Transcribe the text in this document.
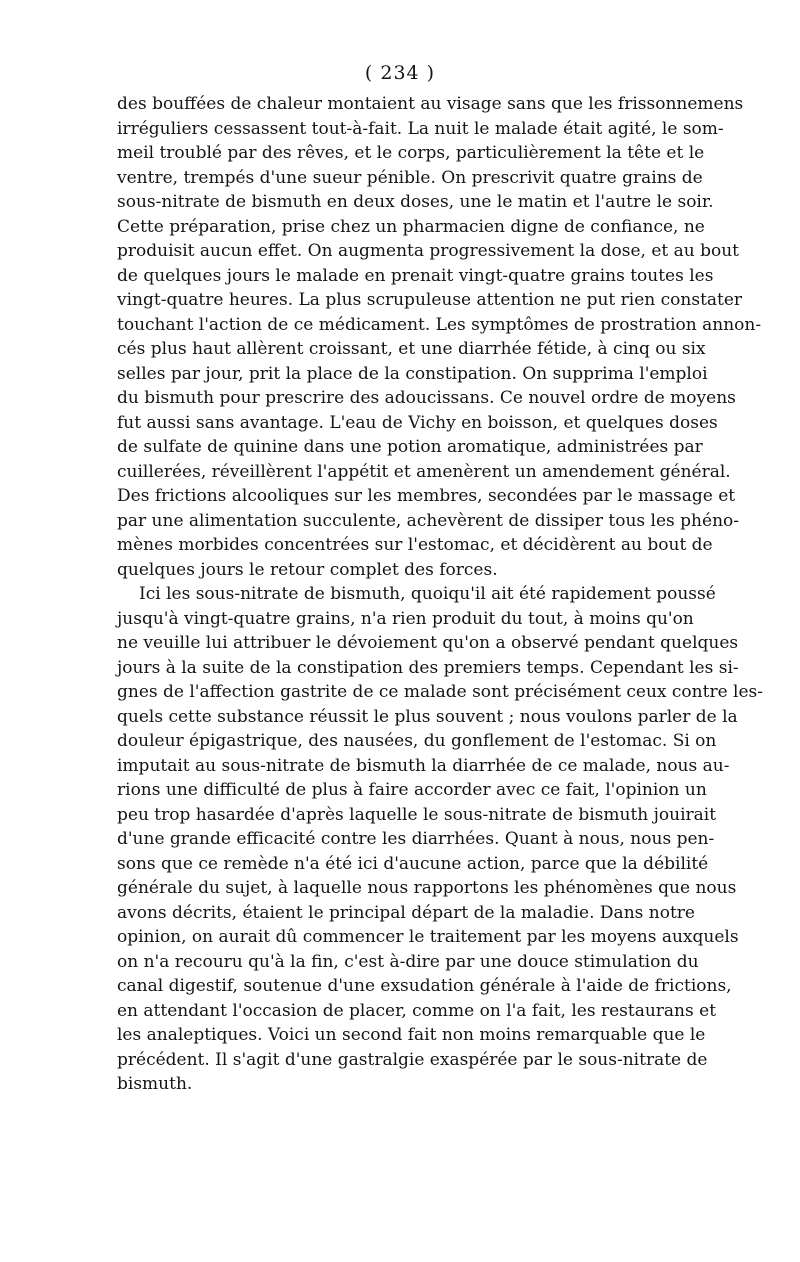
( 234 )
des bouffées de chaleur montaient au visage sans que les frissonnemens
irréguliers cessassent tout-à-fait. La nuit le malade était agité, le som-
meil troublé par des rêves, et le corps, particulièrement la tête et le
ventre, trempés d'une sueur pénible. On prescrivit quatre grains de
sous-nitrate de bismuth en deux doses, une le matin et l'autre le soir.
Cette préparation, prise chez un pharmacien digne de confiance, ne
produisit aucun effet. On augmenta progressivement la dose, et au bout
de quelques jours le malade en prenait vingt-quatre grains toutes les
vingt-quatre heures. La plus scrupuleuse attention ne put rien constater
touchant l'action de ce médicament. Les symptômes de prostration annon-
cés plus haut allèrent croissant, et une diarrhée fétide, à cinq ou six
selles par jour, prit la place de la constipation. On supprima l'emploi
du bismuth pour prescrire des adoucissans. Ce nouvel ordre de moyens
fut aussi sans avantage. L'eau de Vichy en boisson, et quelques doses
de sulfate de quinine dans une potion aromatique, administrées par
cuillerées, réveillèrent l'appétit et amenèrent un amendement général.
Des frictions alcooliques sur les membres, secondées par le massage et
par une alimentation succulente, achevèrent de dissiper tous les phéno-
mènes morbides concentrées sur l'estomac, et décidèrent au bout de
quelques jours le retour complet des forces.
Ici les sous-nitrate de bismuth, quoiqu'il ait été rapidement poussé
jusqu'à vingt-quatre grains, n'a rien produit du tout, à moins qu'on
ne veuille lui attribuer le dévoiement qu'on a observé pendant quelques
jours à la suite de la constipation des premiers temps. Cependant les si-
gnes de l'affection gastrite de ce malade sont précisément ceux contre les-
quels cette substance réussit le plus souvent ; nous voulons parler de la
douleur épigastrique, des nausées, du gonflement de l'estomac. Si on
imputait au sous-nitrate de bismuth la diarrhée de ce malade, nous au-
rions une difficulté de plus à faire accorder avec ce fait, l'opinion un
peu trop hasardée d'après laquelle le sous-nitrate de bismuth jouirait
d'une grande efficacité contre les diarrhées. Quant à nous, nous pen-
sons que ce remède n'a été ici d'aucune action, parce que la débilité
générale du sujet, à laquelle nous rapportons les phénomènes que nous
avons décrits, étaient le principal départ de la maladie. Dans notre
opinion, on aurait dû commencer le traitement par les moyens auxquels
on n'a recouru qu'à la fin, c'est à-dire par une douce stimulation du
canal digestif, soutenue d'une exsudation générale à l'aide de frictions,
en attendant l'occasion de placer, comme on l'a fait, les restaurans et
les analeptiques. Voici un second fait non moins remarquable que le
précédent. Il s'agit d'une gastralgie exaspérée par le sous-nitrate de
bismuth.
